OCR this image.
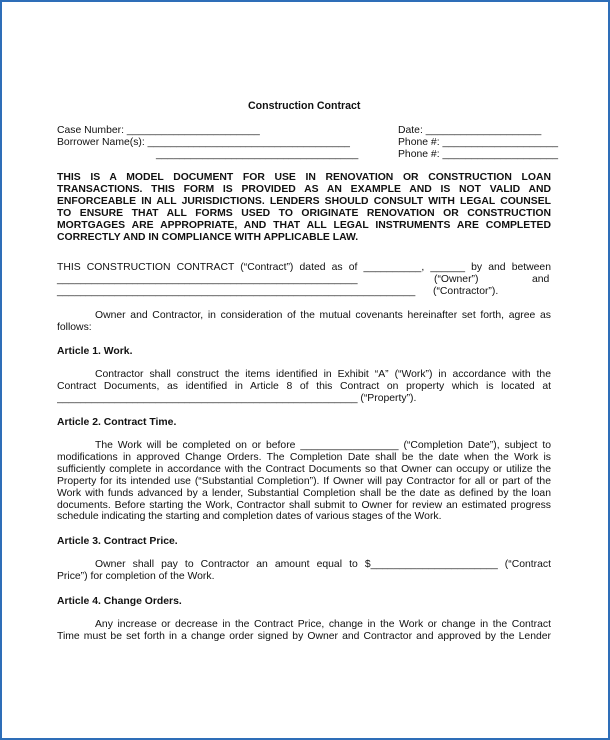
Construction Contract
Case Number: _______________________
Borrower Name(s): ___________________________________
___________________________________
Date: ____________________
Phone #: ____________________
Phone #: ____________________
THIS IS A MODEL DOCUMENT FOR USE IN RENOVATION OR CONSTRUCTION LOAN
TRANSACTIONS. THIS FORM IS PROVIDED AS AN EXAMPLE AND IS NOT VALID AND
ENFORCEABLE IN ALL JURISDICTIONS. LENDERS SHOULD CONSULT WITH LEGAL COUNSEL
TO ENSURE THAT ALL FORMS USED TO ORIGINATE RENOVATION OR CONSTRUCTION
MORTGAGES ARE APPROPRIATE, AND THAT ALL LEGAL INSTRUMENTS ARE COMPLETED
CORRECTLY AND IN COMPLIANCE WITH APPLICABLE LAW.
THIS CONSTRUCTION CONTRACT (“Contract”) dated as of __________, ______ by and between
____________________________________________________	(“Owner”)	and
______________________________________________________________ (“Contractor”).
Owner and Contractor, in consideration of the mutual covenants hereinafter set forth, agree as
follows:
Article 1. Work.
Contractor shall construct the items identified in Exhibit “A” (“Work”) in accordance with the
Contract Documents, as identified in Article 8 of this Contract on property which is located at
____________________________________________________ (“Property”).
Article 2. Contract Time.
The Work will be completed on or before _________________ (“Completion Date”), subject to
modifications in approved Change Orders. The Completion Date shall be the date when the Work is
sufficiently complete in accordance with the Contract Documents so that Owner can occupy or utilize the
Property for its intended use (“Substantial Completion”). If Owner will pay Contractor for all or part of the
Work with funds advanced by a lender, Substantial Completion shall be the date as defined by the loan
documents. Before starting the Work, Contractor shall submit to Owner for review an estimated progress
schedule indicating the starting and completion dates of various stages of the Work.
Article 3. Contract Price.
Owner shall pay to Contractor an amount equal to $______________________ (“Contract
Price”) for completion of the Work.
Article 4. Change Orders.
Any increase or decrease in the Contract Price, change in the Work or change in the Contract
Time must be set forth in a change order signed by Owner and Contractor and approved by the Lender
